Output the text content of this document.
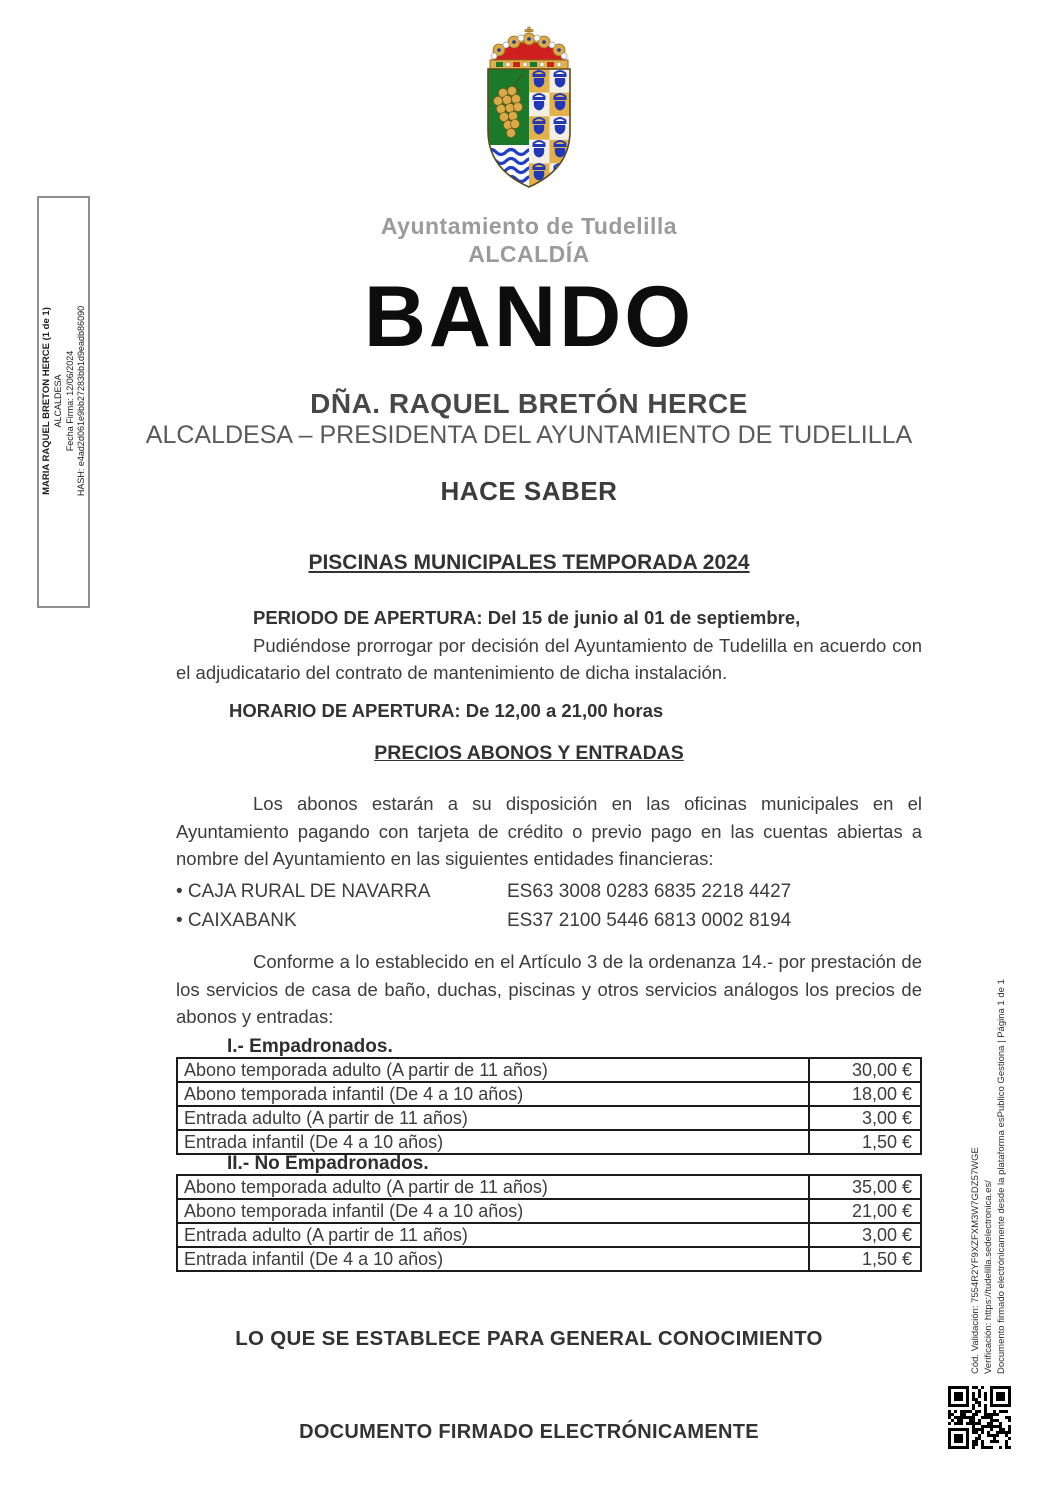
MARIA RAQUEL BRETON HERCE (1 de 1) ALCALDESA Fecha Firma: 12/06/2024 HASH: e4ad2d061e9bb27283bb1d9eadb86090
Ayuntamiento de Tudelilla
ALCALDÍA
BANDO
DÑA. RAQUEL BRETÓN HERCE
ALCALDESA – PRESIDENTA DEL AYUNTAMIENTO DE TUDELILLA
HACE SABER
PISCINAS MUNICIPALES TEMPORADA 2024

PERIODO DE APERTURA: Del 15 de junio al 01 de septiembre,

Pudiéndose prorrogar por decisión del Ayuntamiento de Tudelilla en acuerdo con el adjudicatario del contrato de mantenimiento de dicha instalación.

HORARIO DE APERTURA: De 12,00 a 21,00 horas

PRECIOS ABONOS Y ENTRADAS

Los abonos estarán a su disposición en las oficinas municipales en el Ayuntamiento pagando con tarjeta de crédito o previo pago en las cuentas abiertas a nombre del Ayuntamiento en las siguientes entidades financieras:

• CAJA RURAL DE NAVARRA	ES63 3008 0283 6835 2218 4427
• CAIXABANK	ES37 2100 5446 6813 0002 8194

Conforme a lo establecido en el Artículo 3 de la ordenanza 14.- por prestación de los servicios de casa de baño, duchas, piscinas y otros servicios análogos los precios de abonos y entradas:

I.- Empadronados.
Abono temporada adulto (A partir de 11 años)	30,00 €
Abono temporada infantil (De 4 a 10 años)	18,00 €
Entrada adulto (A partir de 11 años)	3,00 €
Entrada infantil (De 4 a 10 años)	1,50 €
II.- No Empadronados.
Abono temporada adulto (A partir de 11 años)	35,00 €
Abono temporada infantil (De 4 a 10 años)	21,00 €
Entrada adulto (A partir de 11 años)	3,00 €
Entrada infantil (De 4 a 10 años)	1,50 €
LO QUE SE ESTABLECE PARA GENERAL CONOCIMIENTO
DOCUMENTO FIRMADO ELECTRÓNICAMENTE
Cód. Validación: 7554R2YF9XZFXM3W7GDZ57WGE Verificación: https://tudelilla.sedelectronica.es/ Documento firmado electrónicamente desde la plataforma esPublico Gestiona | Página 1 de 1
